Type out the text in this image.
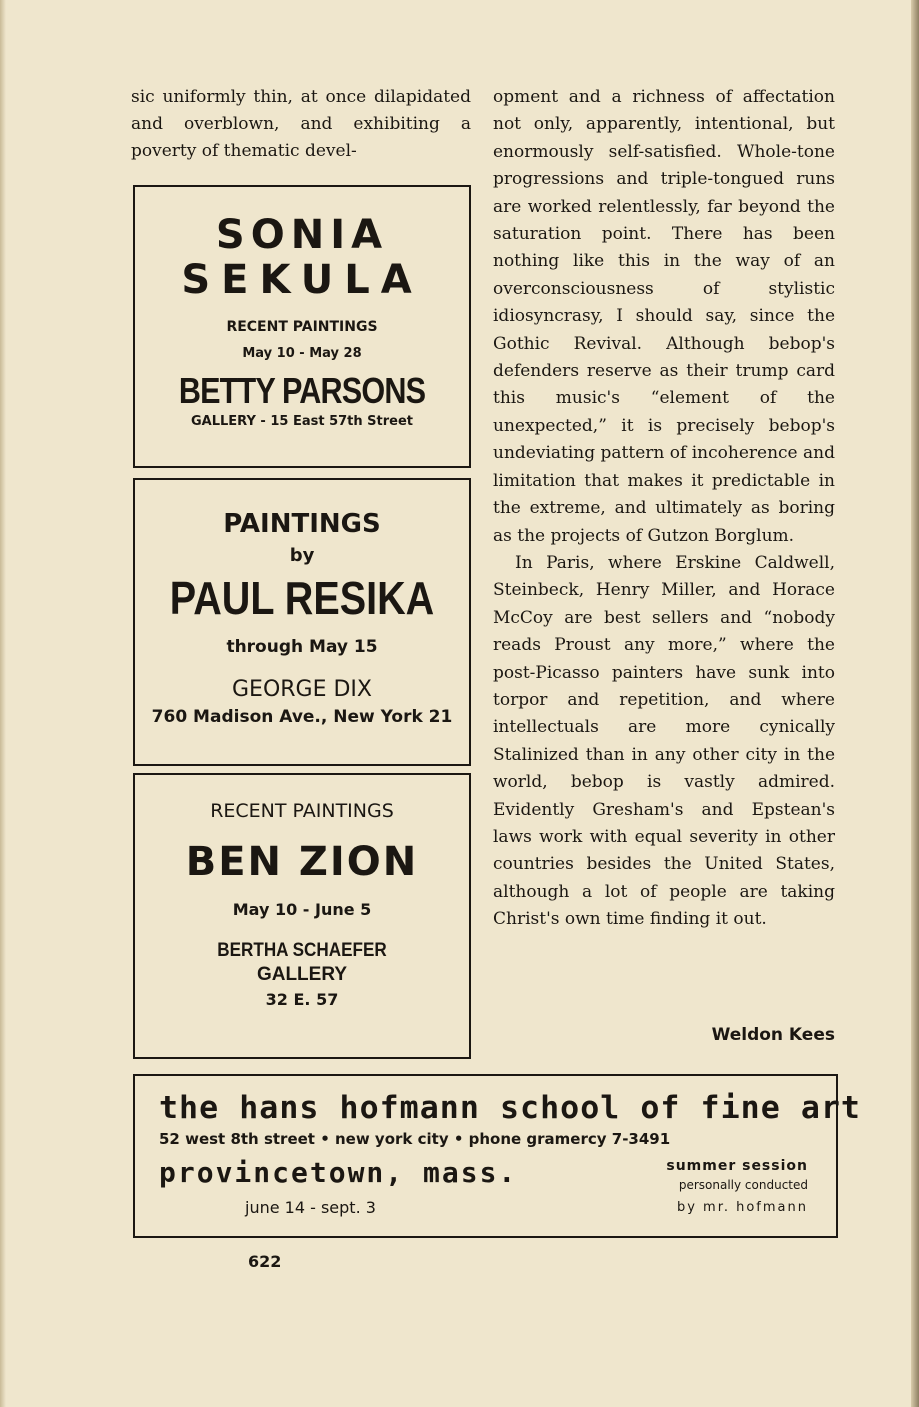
sic uniformly thin, at once dilapidated and overblown, and exhibiting a poverty of thematic devel-

opment and a richness of affectation not only, apparently, intentional, but enormously self-satisfied. Whole-tone progressions and triple-tongued runs are worked relentlessly, far beyond the saturation point. There has been nothing like this in the way of an overconsciousness of stylistic idiosyncrasy, I should say, since the Gothic Revival. Although bebop's defenders reserve as their trump card this music's “element of the unexpected,” it is precisely bebop's undeviating pattern of incoherence and limitation that makes it predictable in the extreme, and ultimately as boring as the projects of Gutzon Borglum.

In Paris, where Erskine Caldwell, Steinbeck, Henry Miller, and Horace McCoy are best sellers and “nobody reads Proust any more,” where the post-Picasso painters have sunk into torpor and repetition, and where intellectuals are more cynically Stalinized than in any other city in the world, bebop is vastly admired. Evidently Gresham's and Epstean's laws work with equal severity in other countries besides the United States, although a lot of people are taking Christ's own time finding it out.

Weldon Kees
SONIA
SEKULA
RECENT PAINTINGS
May 10 - May 28
BETTY PARSONS
GALLERY - 15 East 57th Street
PAINTINGS
by
PAUL RESIKA
through May 15
GEORGE DIX
760 Madison Ave., New York 21
RECENT PAINTINGS
BEN ZION
May 10 - June 5
BERTHA SCHAEFER
GALLERY
32 E. 57
the hans hofmann school of fine art
52 west 8th street • new york city • phone gramercy 7-3491
provincetown, mass.
june 14 - sept. 3
summer session
personally conducted
by mr. hofmann
622
